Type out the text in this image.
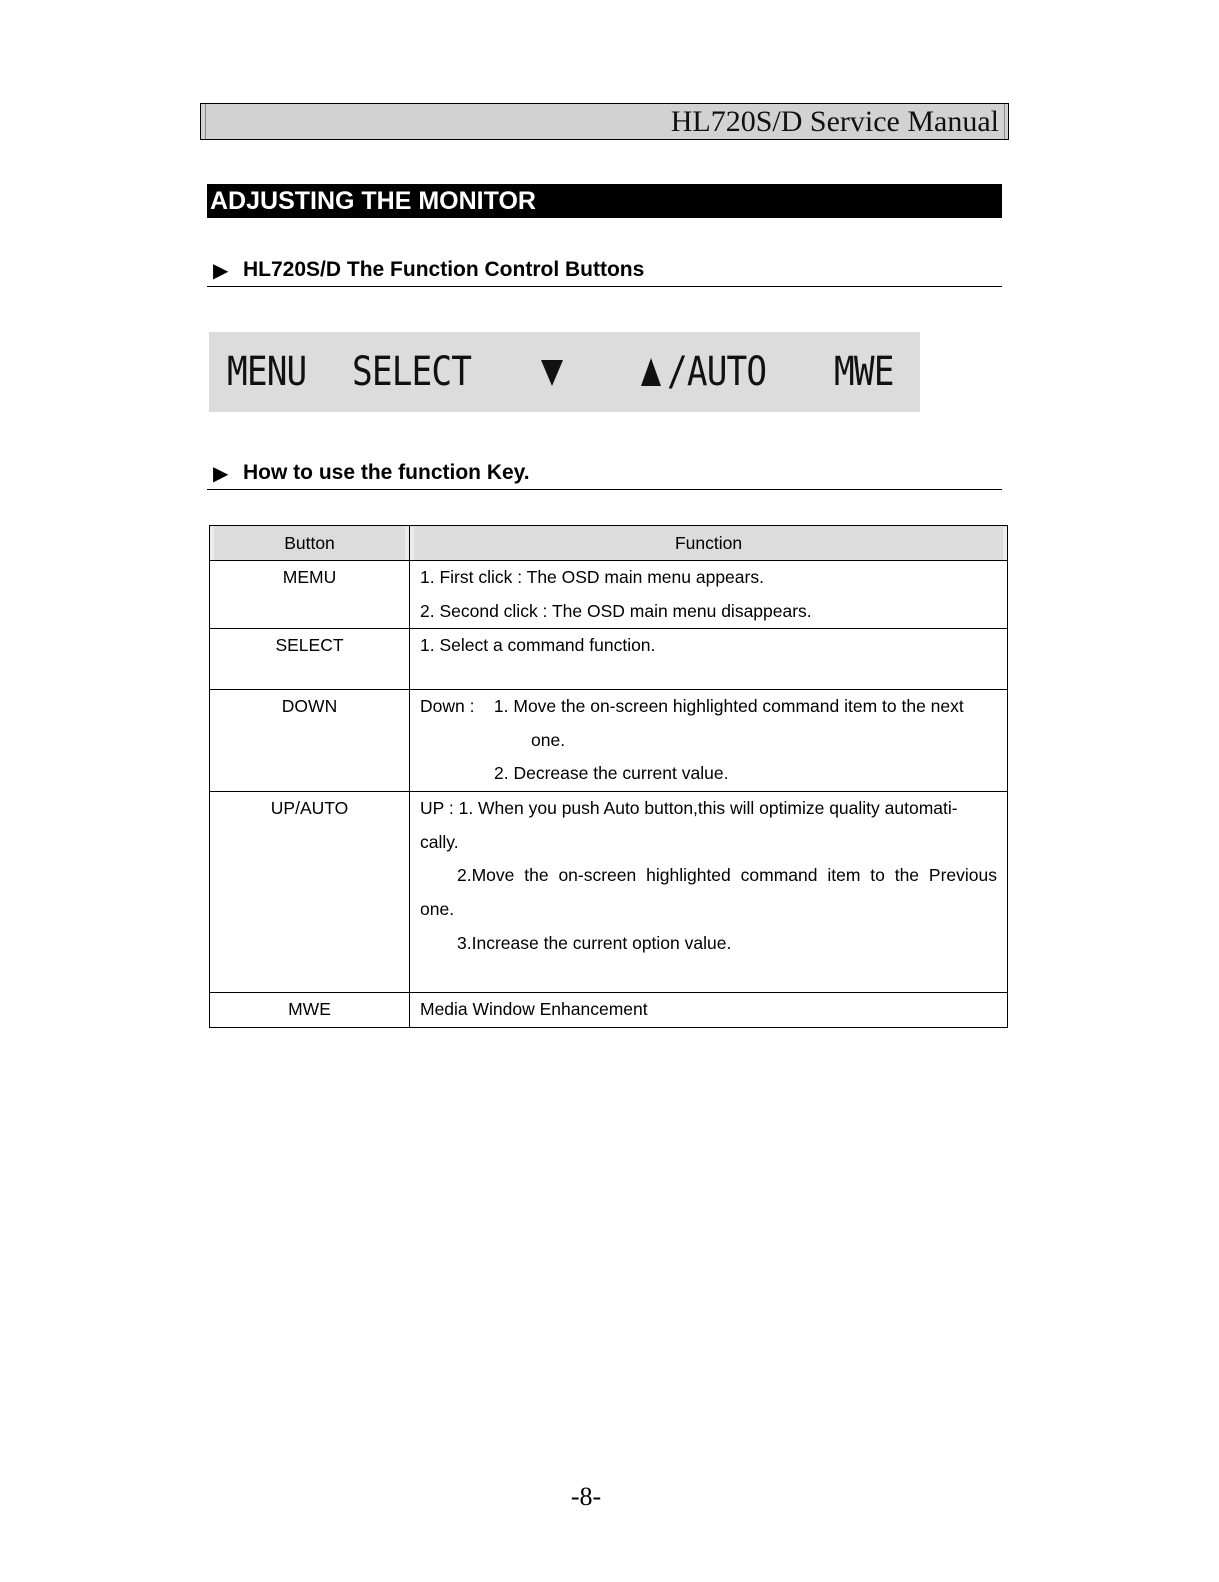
HL720S/D Service Manual
ADJUSTING THE MONITOR
▶ HL720S/D The Function Control Buttons
MENU SELECT	/AUTO MWE
▶ How to use the function Key.
Button	Function

MEMU	1. First click : The OSD main menu appears.
2. Second click : The OSD main menu disappears.

SELECT	1. Select a command function.

DOWN	Down :    1. Move the on-screen highlighted command item to the next
one.
2. Decrease the current value.

UP/AUTO	UP : 1. When you push Auto button,this will optimize quality automati-
cally.
2.Move the on-screen highlighted command item to the Previous
one.
3.Increase the current option value.

MWE	Media Window Enhancement
-8-
